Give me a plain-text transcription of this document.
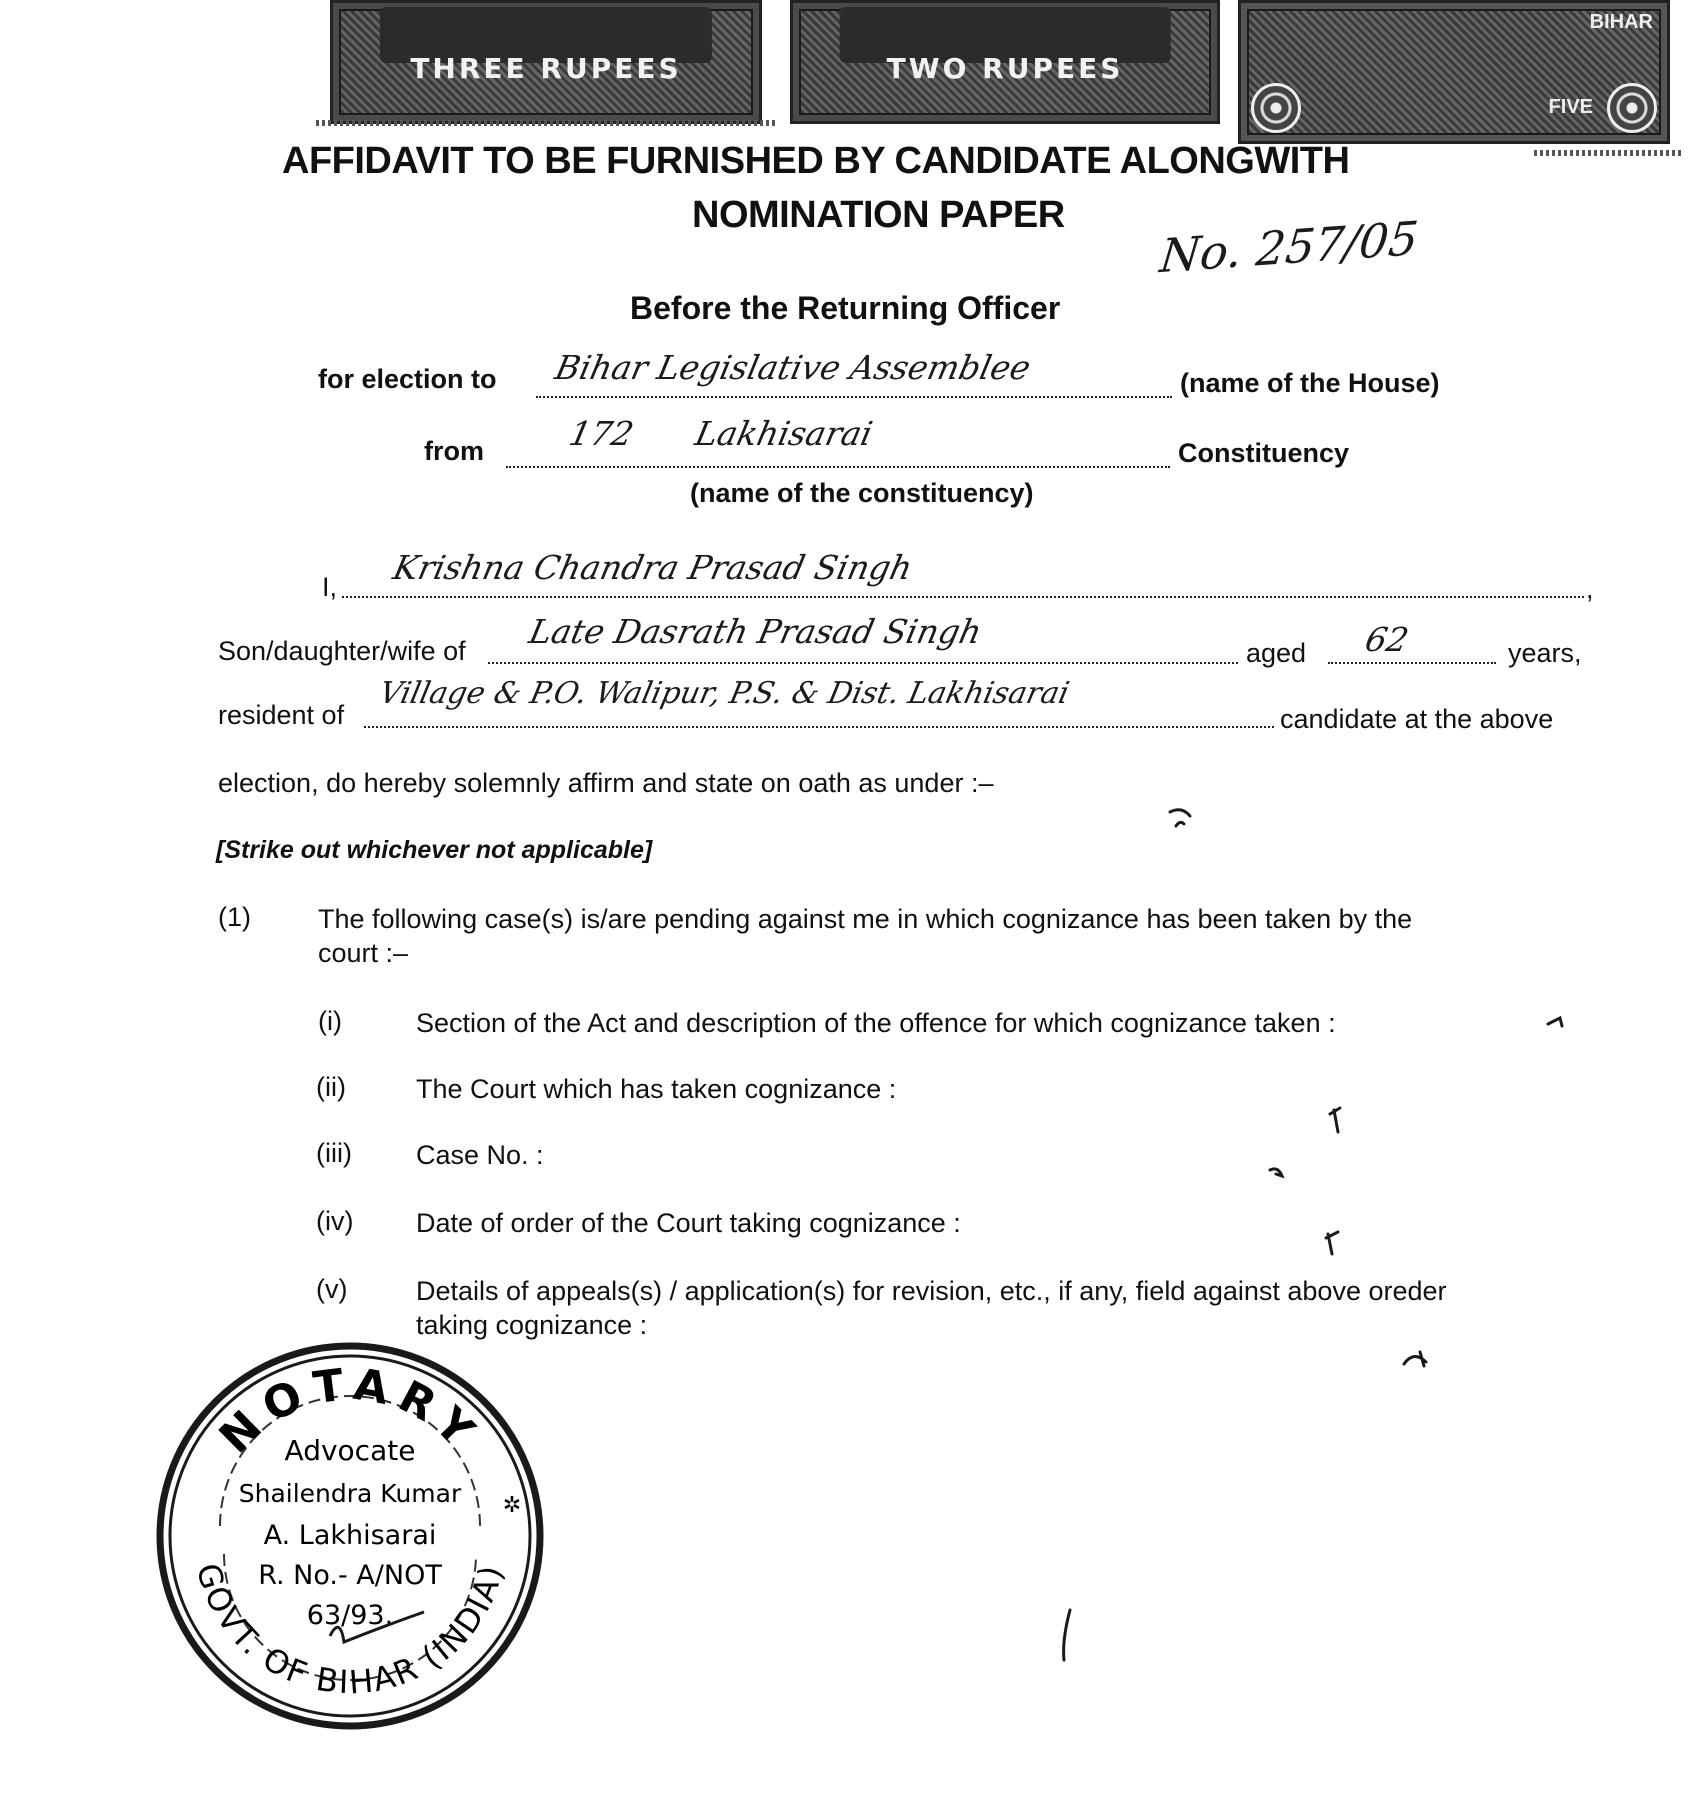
THREE RUPEES	TWO RUPEES
BIHAR
FIVE
AFFIDAVIT TO BE FURNISHED BY CANDIDATE ALONGWITH
NOMINATION PAPER No. 257/05
Before the Returning Officer
for election to Bihar Legislative Assemblee	(name of the House)
from 172      Lakhisarai	Constituency
(name of the constituency)
I, Krishna Chandra Prasad Singh
,
Son/daughter/wife of Late Dasrath Prasad Singh
aged 62	years,
resident of
Village & P.O. Walipur, P.S. & Dist. Lakhisarai
candidate at the above
election, do hereby solemnly affirm and state on oath as under :–
[Strike out whichever not applicable]
(1) The following case(s) is/are pending against me in which cognizance has been taken by the
court :–
(i)	Section of the Act and description of the offence for which cognizance taken :
(ii)	The Court which has taken cognizance :
(iii) Case No. :
(iv) Date of order of the Court taking cognizance :
(v)	Details of appeals(s) / application(s) for revision, etc., if any, field against above oreder
taking cognizance :
NOTARY
GOVT. OF BIHAR (INDIA)
Advocate
Shailendra Kumar
A. Lakhisarai
R. No.- A/NOT
63/93.
✲
